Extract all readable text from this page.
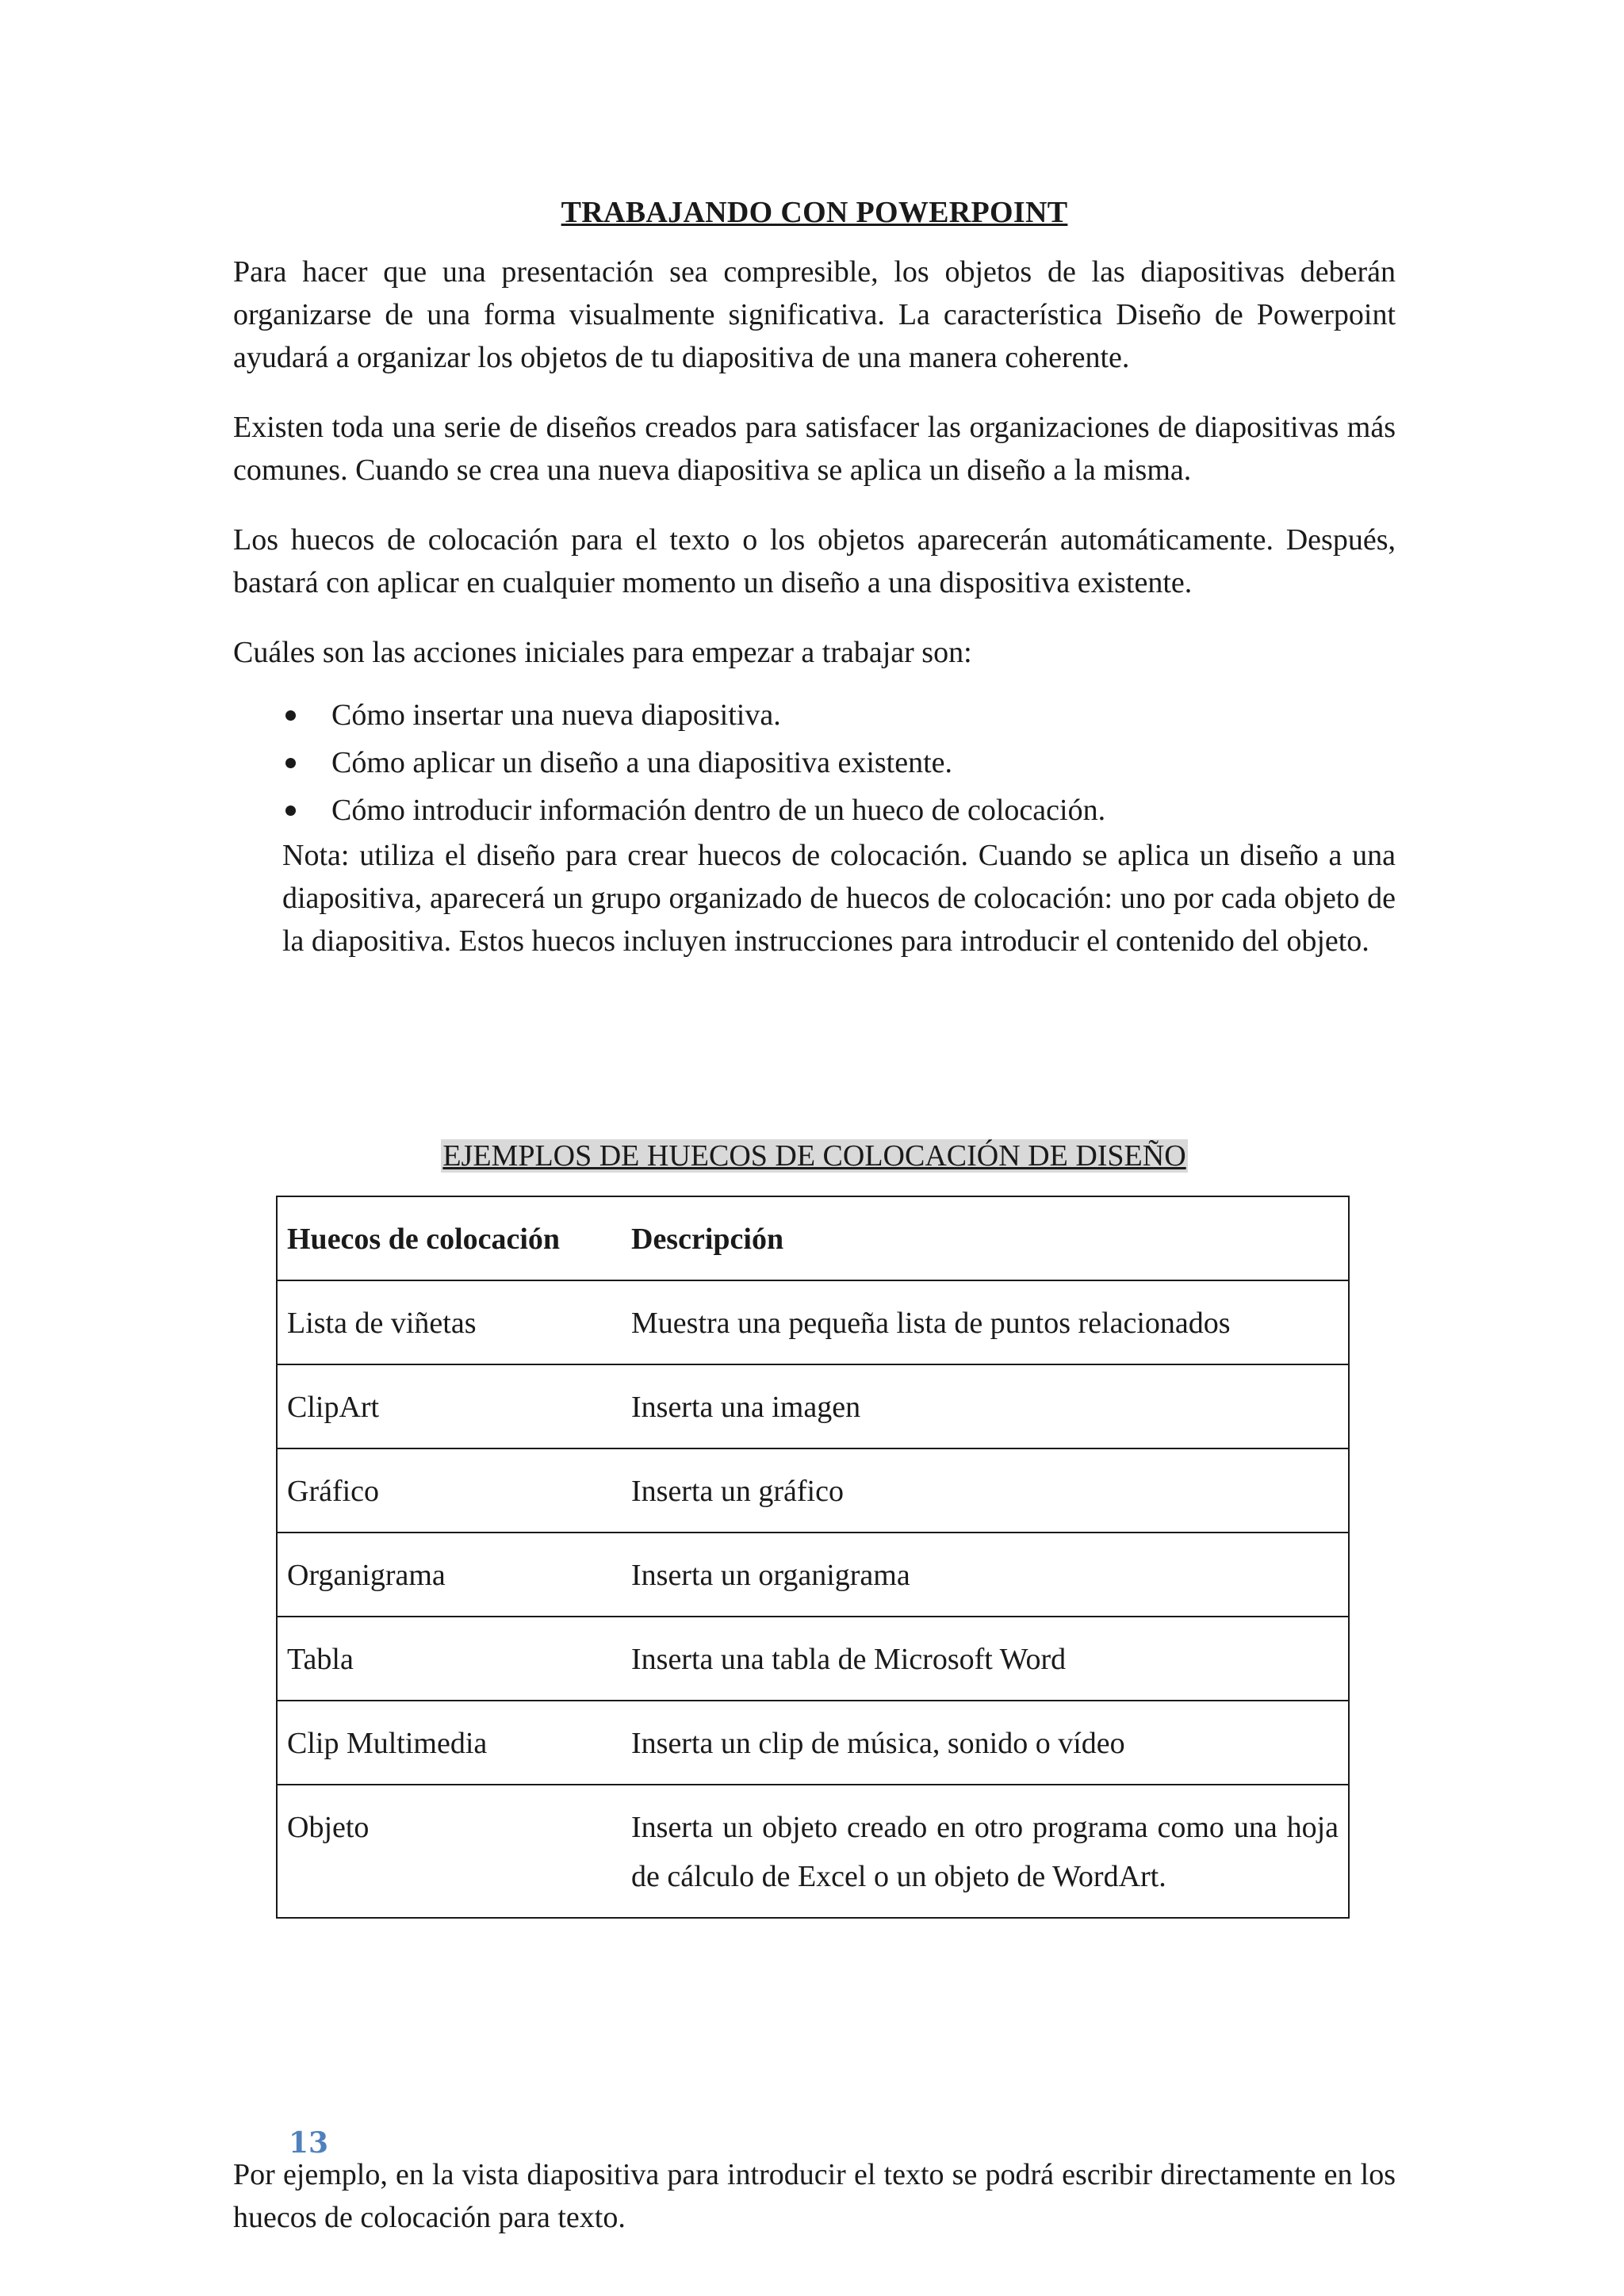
TRABAJANDO CON POWERPOINT

Para hacer que una presentación sea compresible, los objetos de las diapositivas deberán organizarse de una forma visualmente significativa. La característica Diseño de Powerpoint ayudará a organizar los objetos de tu diapositiva de una manera coherente.

Existen toda una serie de diseños creados para satisfacer las organizaciones de diapositivas más comunes. Cuando se crea una nueva diapositiva se aplica un diseño a la misma.

Los huecos de colocación para el texto o los objetos aparecerán automáticamente. Después, bastará con aplicar en cualquier momento un diseño a una dispositiva existente.

Cuáles son las acciones iniciales para empezar a trabajar son:

Cómo insertar una nueva diapositiva.
Cómo aplicar un diseño a una diapositiva existente.
Cómo introducir información dentro de un hueco de colocación.

Nota: utiliza el diseño para crear huecos de colocación. Cuando se aplica un diseño a una diapositiva, aparecerá un grupo organizado de huecos de colocación: uno por cada objeto de la diapositiva. Estos huecos incluyen instrucciones para introducir el contenido del objeto.

EJEMPLOS DE HUECOS DE COLOCACIÓN DE DISEÑO
Huecos de colocación	Descripción
Lista de viñetas	Muestra una pequeña lista de puntos relacionados
ClipArt	Inserta una imagen
Gráfico	Inserta un gráfico
Organigrama	Inserta un organigrama
Tabla	Inserta una tabla de Microsoft Word
Clip Multimedia	Inserta un clip de música, sonido o vídeo
Objeto	Inserta un objeto creado en otro programa como una hoja de cálculo de Excel o un objeto de WordArt.

Por ejemplo, en la vista diapositiva para introducir el texto se podrá escribir directamente en los huecos de colocación para texto.

13
